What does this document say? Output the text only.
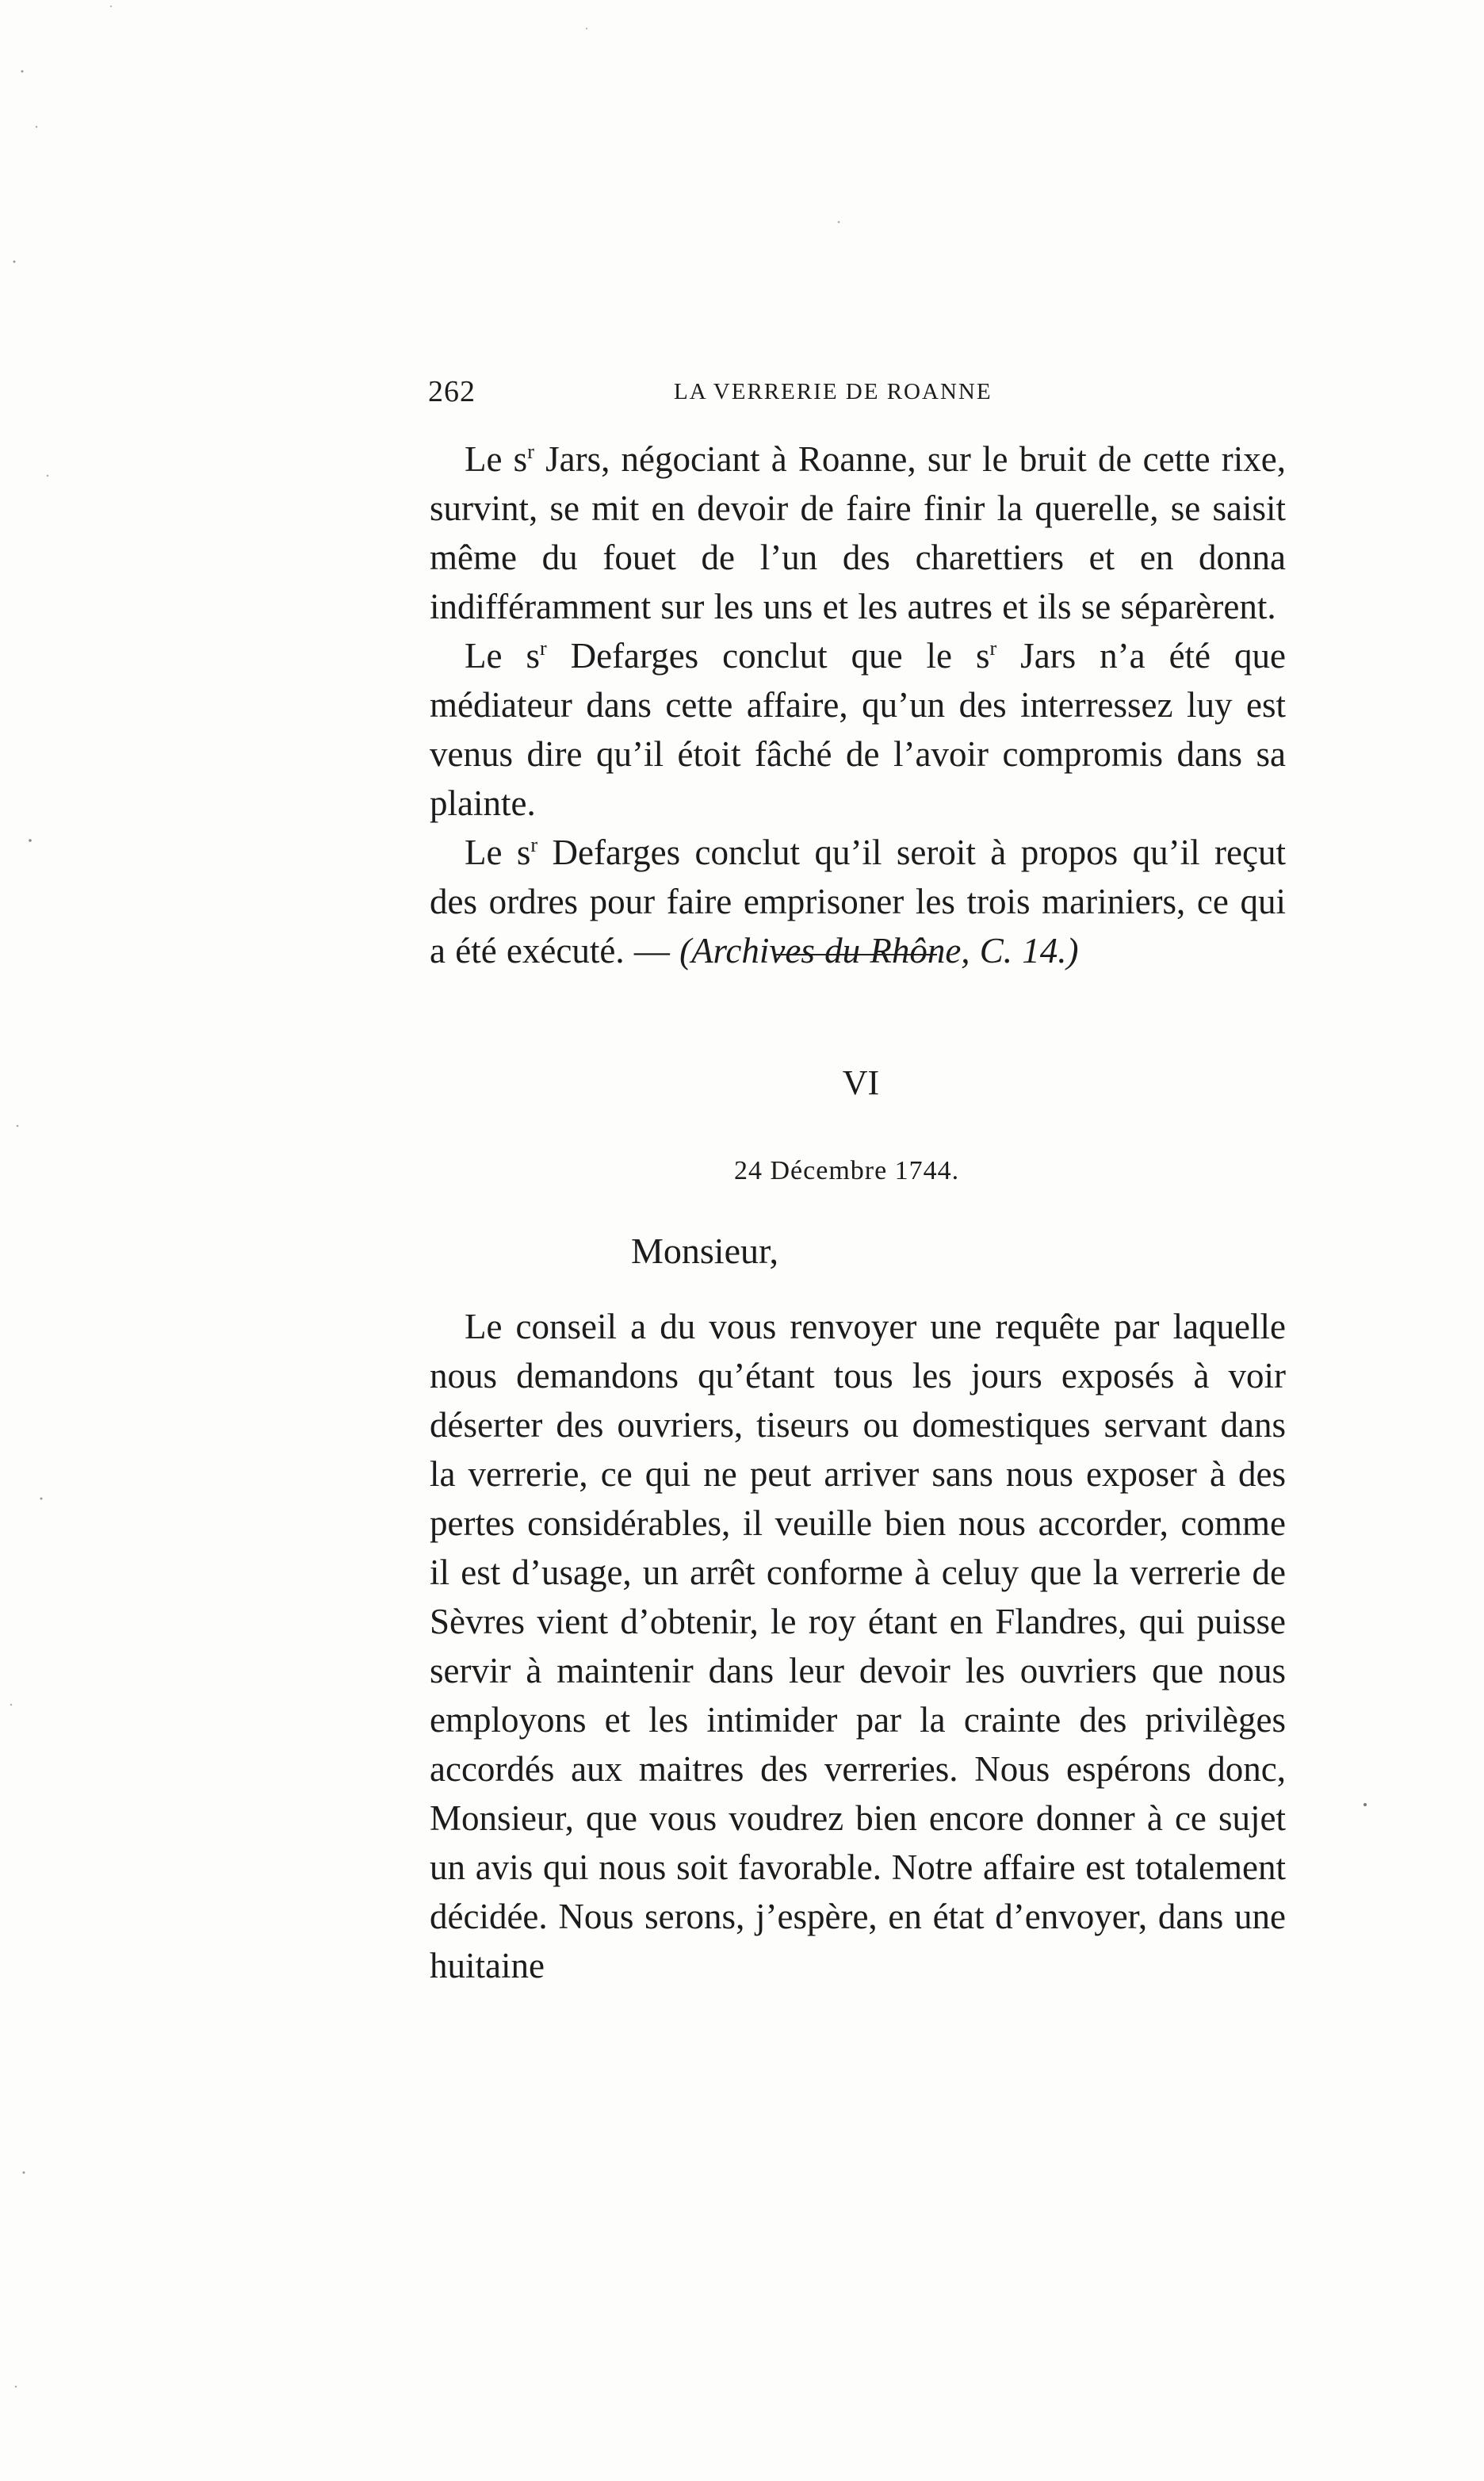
262	LA VERRERIE DE ROANNE

Le $s^r$ Jars, négociant à Roanne, sur le bruit de cette rixe, survint, se mit en devoir de faire finir la querelle, se saisit même du fouet de l’un des charettiers et en donna indifféramment sur les uns et les autres et ils se séparèrent.

Le $s^r$ Defarges conclut que le $s^r$ Jars n’a été que médiateur dans cette affaire, qu’un des interressez luy est venus dire qu’il étoit fâché de l’avoir compromis dans sa plainte.

Le $s^r$ Defarges conclut qu’il seroit à propos qu’il reçut des ordres pour faire emprisoner les trois mariniers, ce qui a été exécuté. — (Archives du Rhône, C. 14.)

VI
24 Décembre 1744.
Monsieur,

Le conseil a du vous renvoyer une requête par laquelle nous demandons qu’étant tous les jours exposés à voir déserter des ouvriers, tiseurs ou domestiques servant dans la verrerie, ce qui ne peut arriver sans nous exposer à des pertes considérables, il veuille bien nous accorder, comme il est d’usage, un arrêt conforme à celuy que la verrerie de Sèvres vient d’obtenir, le roy étant en Flandres, qui puisse servir à maintenir dans leur devoir les ouvriers que nous employons et les intimider par la crainte des privilèges accordés aux maitres des verreries. Nous espérons donc, Monsieur, que vous voudrez bien encore donner à ce sujet un avis qui nous soit favorable. Notre affaire est totalement décidée. Nous serons, j’espère, en état d’envoyer, dans une huitaine
